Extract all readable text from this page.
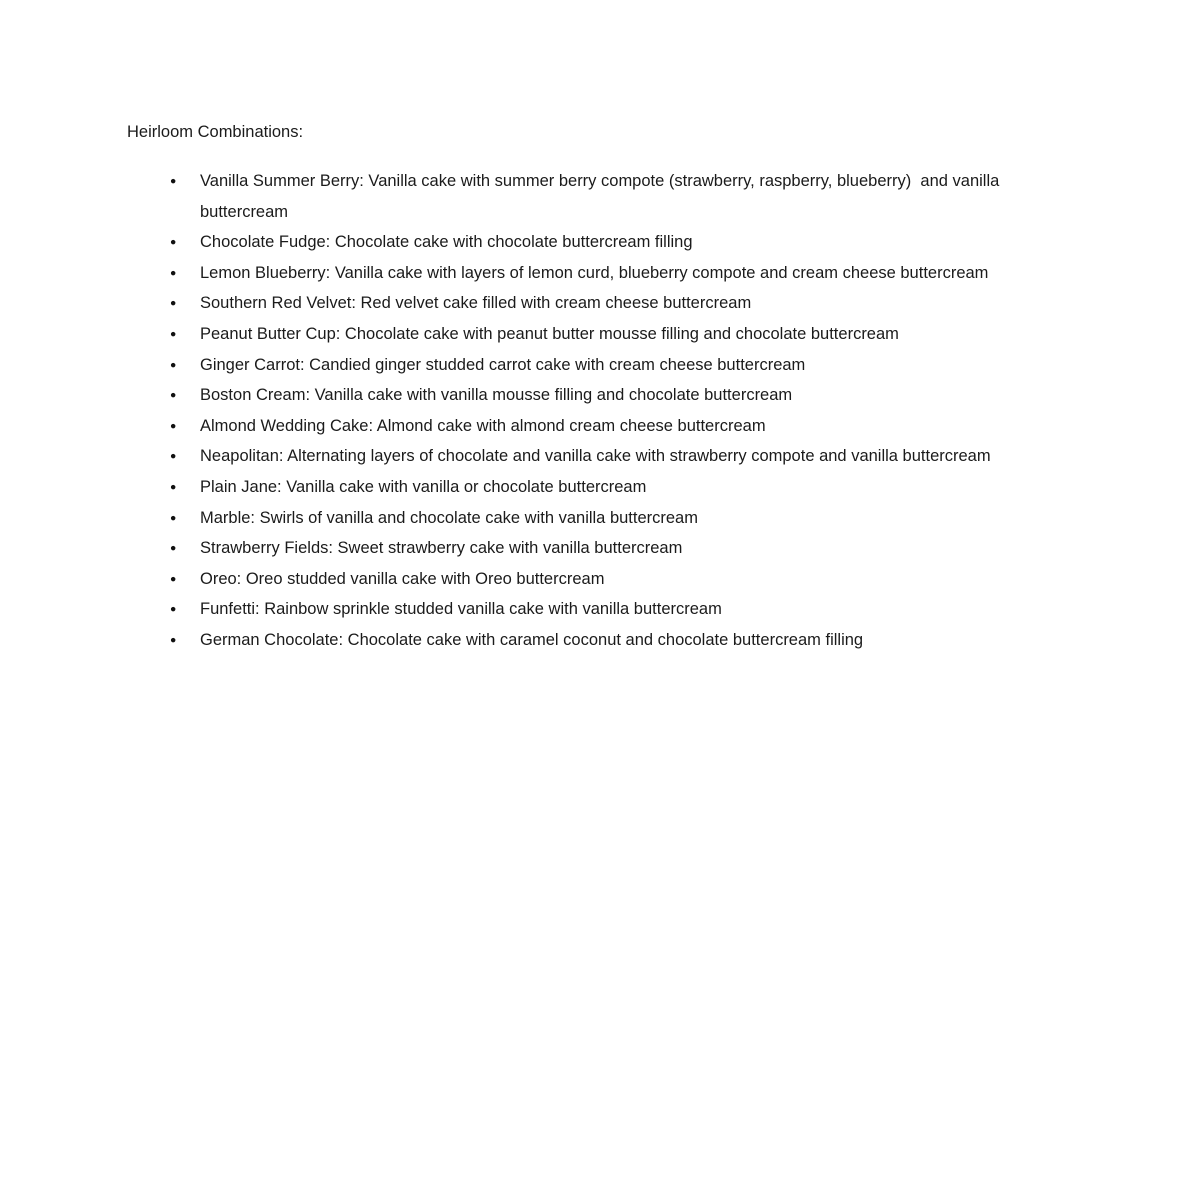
Heirloom Combinations:
●	Vanilla Summer Berry: Vanilla cake with summer berry compote (strawberry, raspberry, blueberry)  and vanilla buttercream
●	Chocolate Fudge: Chocolate cake with chocolate buttercream filling
●	Lemon Blueberry: Vanilla cake with layers of lemon curd, blueberry compote and cream cheese buttercream
●	Southern Red Velvet: Red velvet cake filled with cream cheese buttercream
●	Peanut Butter Cup: Chocolate cake with peanut butter mousse filling and chocolate buttercream
●	Ginger Carrot: Candied ginger studded carrot cake with cream cheese buttercream
●	Boston Cream: Vanilla cake with vanilla mousse filling and chocolate buttercream
●	Almond Wedding Cake: Almond cake with almond cream cheese buttercream
●	Neapolitan: Alternating layers of chocolate and vanilla cake with strawberry compote and vanilla buttercream
●	Plain Jane: Vanilla cake with vanilla or chocolate buttercream
●	Marble: Swirls of vanilla and chocolate cake with vanilla buttercream
●	Strawberry Fields: Sweet strawberry cake with vanilla buttercream
●	Oreo: Oreo studded vanilla cake with Oreo buttercream
●	Funfetti: Rainbow sprinkle studded vanilla cake with vanilla buttercream
●	German Chocolate: Chocolate cake with caramel coconut and chocolate buttercream filling
